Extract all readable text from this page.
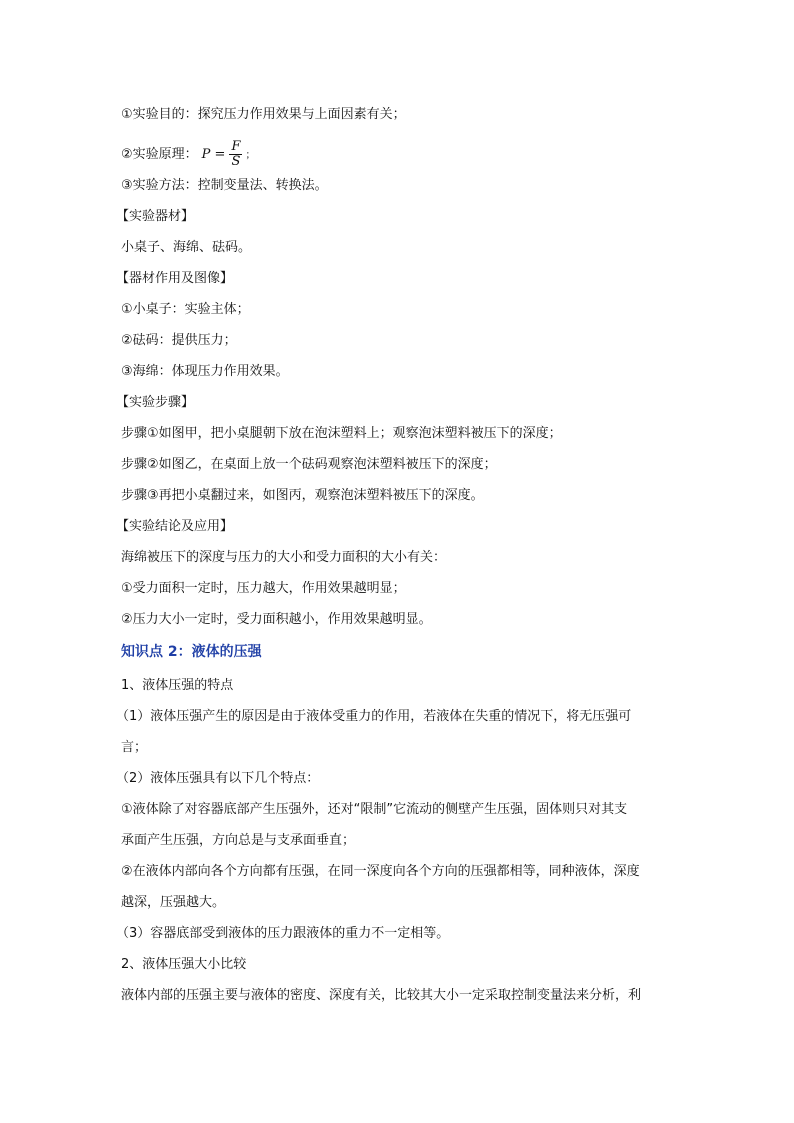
①实验目的：探究压力作用效果与上面因素有关；
②实验原理： $P = \frac{F}{S}$ ；
③实验方法：控制变量法、转换法。
【实验器材】
小桌子、海绵、砝码。
【器材作用及图像】
①小桌子：实验主体；
②砝码：提供压力；
③海绵：体现压力作用效果。
【实验步骤】
步骤①如图甲，把小桌腿朝下放在泡沫塑料上；观察泡沫塑料被压下的深度；
步骤②如图乙，在桌面上放一个砝码观察泡沫塑料被压下的深度；
步骤③再把小桌翻过来，如图丙，观察泡沫塑料被压下的深度。
【实验结论及应用】
海绵被压下的深度与压力的大小和受力面积的大小有关：
①受力面积一定时，压力越大，作用效果越明显；
②压力大小一定时，受力面积越小，作用效果越明显。
知识点 2：液体的压强
1、液体压强的特点
（1）液体压强产生的原因是由于液体受重力的作用，若液体在失重的情况下，将无压强可
言；
（2）液体压强具有以下几个特点：
①液体除了对容器底部产生压强外，还对“限制”它流动的侧壁产生压强，固体则只对其支
承面产生压强，方向总是与支承面垂直；
②在液体内部向各个方向都有压强，在同一深度向各个方向的压强都相等，同种液体，深度
越深，压强越大。
（3）容器底部受到液体的压力跟液体的重力不一定相等。
2、液体压强大小比较
液体内部的压强主要与液体的密度、深度有关，比较其大小一定采取控制变量法来分析，利
